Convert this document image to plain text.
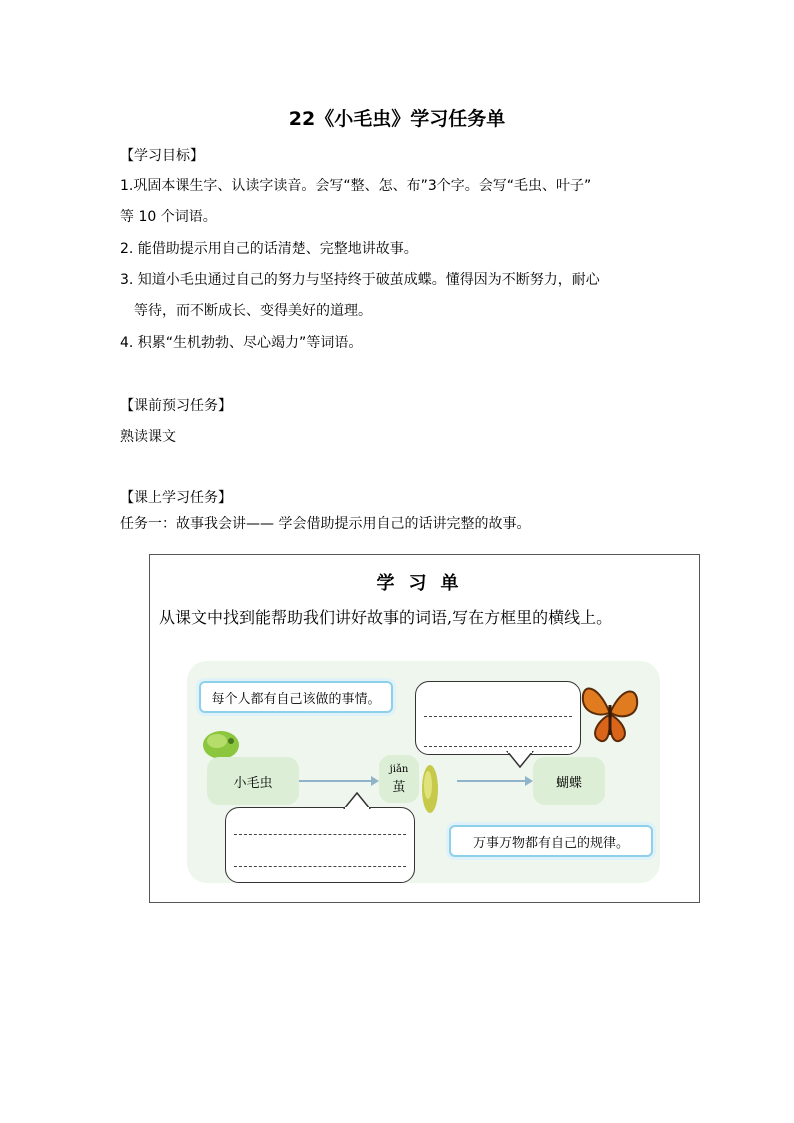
22《小毛虫》学习任务单
【学习目标】
1.巩固本课生字、认读字读音。会写“整、怎、布”3个字。会写“毛虫、叶子”
等 10 个词语。
2. 能借助提示用自己的话清楚、完整地讲故事。
3. 知道小毛虫通过自己的努力与坚持终于破茧成蝶。懂得因为不断努力，耐心
等待，而不断成长、变得美好的道理。
4. 积累“生机勃勃、尽心竭力”等词语。
【课前预习任务】
熟读课文
【课上学习任务】
任务一：故事我会讲—— 学会借助提示用自己的话讲完整的故事。
学习单
从课文中找到能帮助我们讲好故事的词语,写在方框里的横线上。
每个人都有自己该做的事情。
小毛虫
jiǎn
茧	蝴蝶
万事万物都有自己的规律。
